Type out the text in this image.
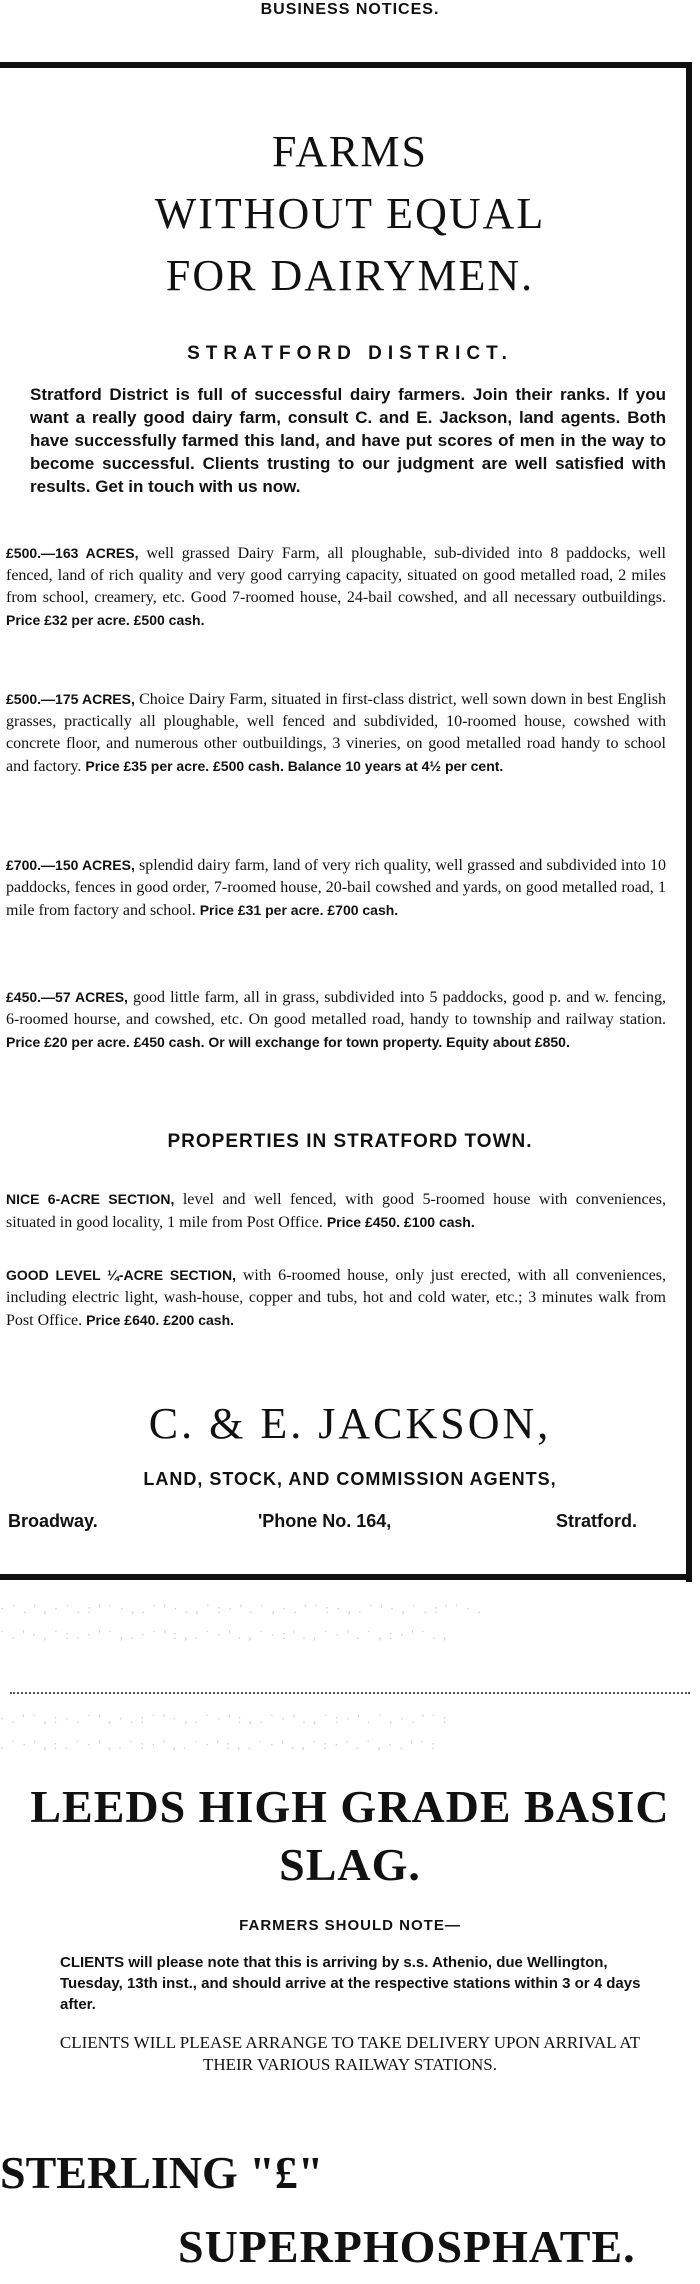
BUSINESS NOTICES.
FARMS
WITHOUT EQUAL
FOR DAIRYMEN.
STRATFORD DISTRICT.
Stratford District is full of successful dairy farmers. Join their ranks. If you want a really good dairy farm, consult C. and E. Jackson, land agents. Both have successfully farmed this land, and have put scores of men in the way to become successful. Clients trusting to our judgment are well satisfied with results. Get in touch with us now.
£500.—163 ACRES, well grassed Dairy Farm, all ploughable, sub-divided into 8 paddocks, well fenced, land of rich quality and very good carrying capacity, situated on good metalled road, 2 miles from school, creamery, etc. Good 7-roomed house, 24-bail cowshed, and all necessary outbuildings. Price £32 per acre. £500 cash.
£500.—175 ACRES, Choice Dairy Farm, situated in first-class district, well sown down in best English grasses, practically all ploughable, well fenced and subdivided, 10-roomed house, cowshed with concrete floor, and numerous other outbuildings, 3 vineries, on good metalled road handy to school and factory. Price £35 per acre. £500 cash. Balance 10 years at 4½ per cent.
£700.—150 ACRES, splendid dairy farm, land of very rich quality, well grassed and subdivided into 10 paddocks, fences in good order, 7-roomed house, 20-bail cowshed and yards, on good metalled road, 1 mile from factory and school. Price £31 per acre. £700 cash.
£450.—57 ACRES, good little farm, all in grass, subdivided into 5 paddocks, good p. and w. fencing, 6-roomed hourse, and cowshed, etc. On good metalled road, handy to township and railway station. Price £20 per acre. £450 cash. Or will exchange for town property. Equity about £850.
PROPERTIES IN STRATFORD TOWN.
NICE 6-ACRE SECTION, level and well fenced, with good 5-roomed house with conveniences, situated in good locality, 1 mile from Post Office. Price £450. £100 cash.
GOOD LEVEL ¼-ACRE SECTION, with 6-roomed house, only just erected, with all conveniences, including electric light, wash-house, copper and tubs, hot and cold water, etc.; 3 minutes walk from Post Office. Price £640. £200 cash.
C. & E. JACKSON,
LAND, STOCK, AND COMMISSION AGENTS,
Broadway.	'Phone No. 164,	Stratford.
· ˙ . ' , · ˙ . : ' ˙ · , . ˙ ' · . , ˙ : · ' . ˙ , · . ' ˙ : · , . ˙ ' · , ˙ . : ' ˙ · .
˙ . ' · , ˙ : . · ' ˙ , . · ˙ ' : , . ˙ · ' . , ˙ · : ' . , ˙ · ' . ˙ , : · ' ˙ . ,
· . ' ˙ , : · . ˙ ' , · . : ˙ ' · , . ˙ · ' : , . ˙ · ' . , ˙ : · ' . ˙ , · . ' ˙ :
. ˙ · ' , : . ˙ · ' , . ˙ : · ' , . ˙ · ' : , . ˙ · ' . , ˙ : · ' . ˙ , · . ' ˙ :
LEEDS HIGH GRADE BASIC
SLAG.
FARMERS SHOULD NOTE—
CLIENTS will please note that this is arriving by s.s. Athenio, due Wellington, Tuesday, 13th inst., and should arrive at the respective stations within 3 or 4 days after.
CLIENTS WILL PLEASE ARRANGE TO TAKE DELIVERY UPON ARRIVAL AT THEIR VARIOUS RAILWAY STATIONS.
STERLING "£"
SUPERPHOSPHATE.
